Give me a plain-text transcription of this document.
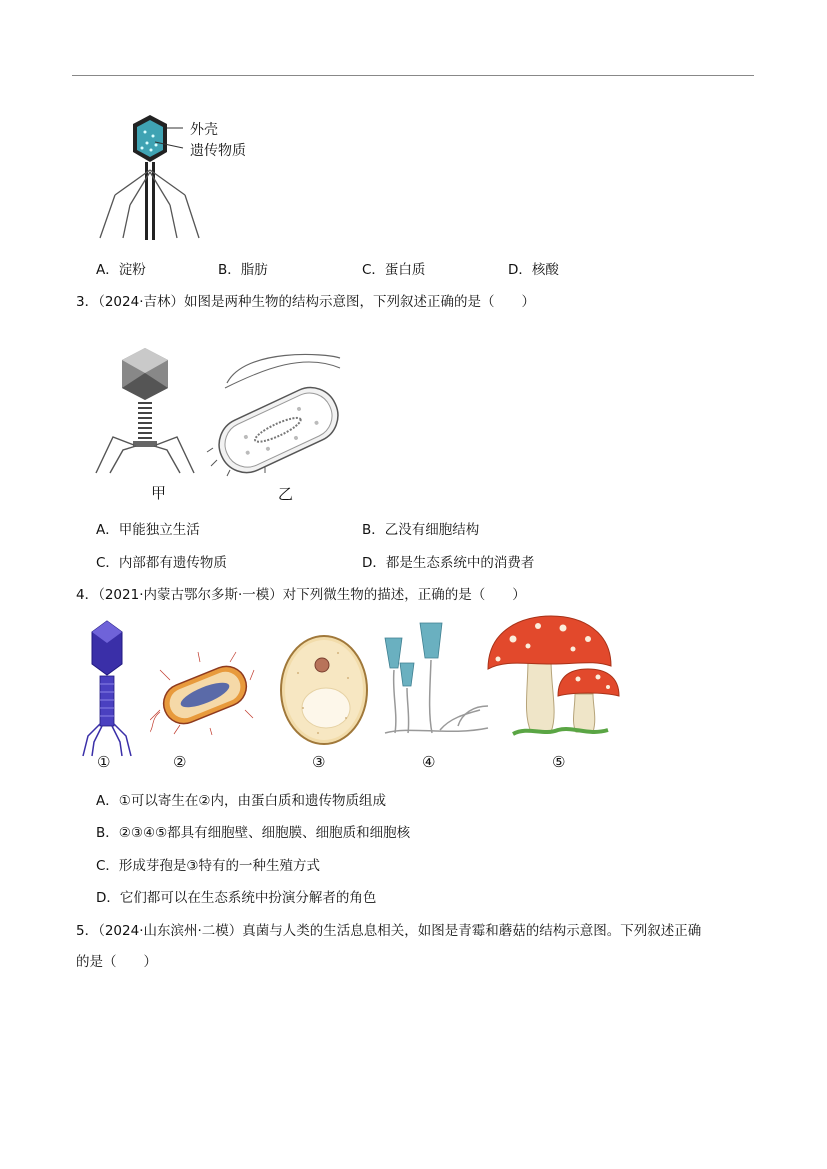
外壳
遗传物质
A．淀粉	B．脂肪	C．蛋白质	D．核酸
3．（2024·吉林）如图是两种生物的结构示意图，下列叙述正确的是（　　）
甲	乙
A．甲能独立生活	B．乙没有细胞结构
C．内部都有遗传物质	D．都是生态系统中的消费者
4．（2021·内蒙古鄂尔多斯·一模）对下列微生物的描述，正确的是（　　）
①	②	③	④	⑤
A．①可以寄生在②内，由蛋白质和遗传物质组成
B．②③④⑤都具有细胞壁、细胞膜、细胞质和细胞核
C．形成芽孢是③特有的一种生殖方式
D．它们都可以在生态系统中扮演分解者的角色
5．（2024·山东滨州·二模）真菌与人类的生活息息相关，如图是青霉和蘑菇的结构示意图。下列叙述正确
的是（　　）
